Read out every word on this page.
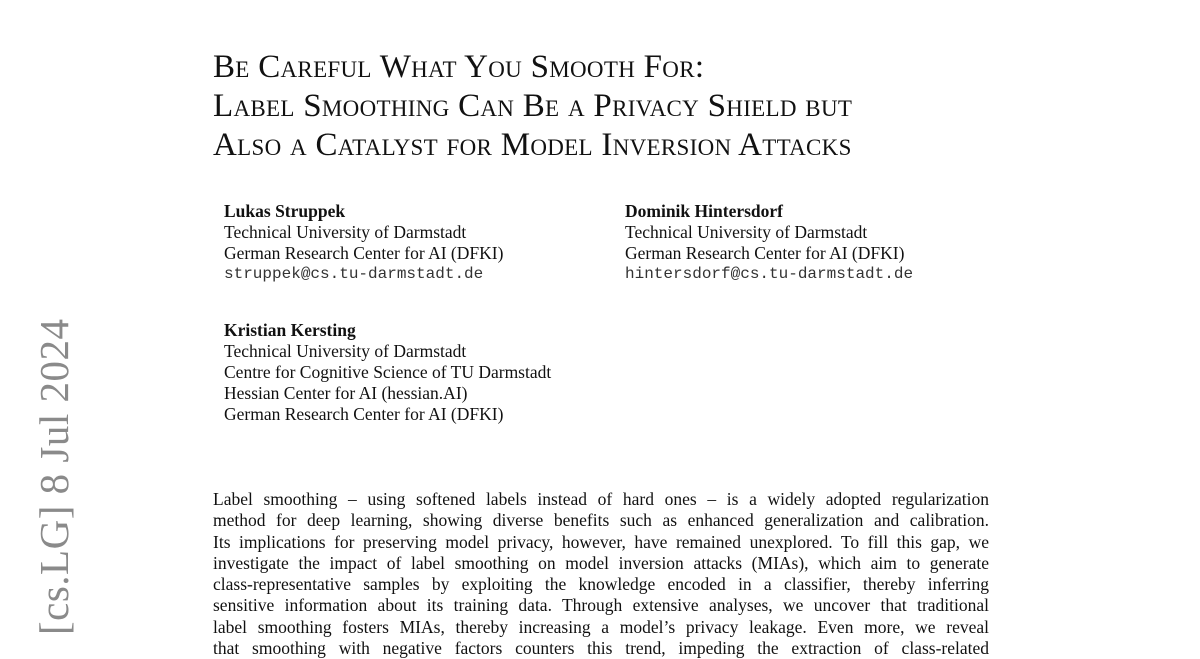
[cs.LG] 8 Jul 2024
Be Careful What You Smooth For:
Label Smoothing Can Be a Privacy Shield but
Also a Catalyst for Model Inversion Attacks
Lukas Struppek
Technical University of Darmstadt
German Research Center for AI (DFKI)
struppek@cs.tu-darmstadt.de
Dominik Hintersdorf
Technical University of Darmstadt
German Research Center for AI (DFKI)
hintersdorf@cs.tu-darmstadt.de
Kristian Kersting
Technical University of Darmstadt
Centre for Cognitive Science of TU Darmstadt
Hessian Center for AI (hessian.AI)
German Research Center for AI (DFKI)
Label smoothing – using softened labels instead of hard ones – is a widely adopted regularization
method for deep learning, showing diverse benefits such as enhanced generalization and calibration.
Its implications for preserving model privacy, however, have remained unexplored. To fill this gap, we
investigate the impact of label smoothing on model inversion attacks (MIAs), which aim to generate
class-representative samples by exploiting the knowledge encoded in a classifier, thereby inferring
sensitive information about its training data. Through extensive analyses, we uncover that traditional
label smoothing fosters MIAs, thereby increasing a model’s privacy leakage. Even more, we reveal
that smoothing with negative factors counters this trend, impeding the extraction of class-related
